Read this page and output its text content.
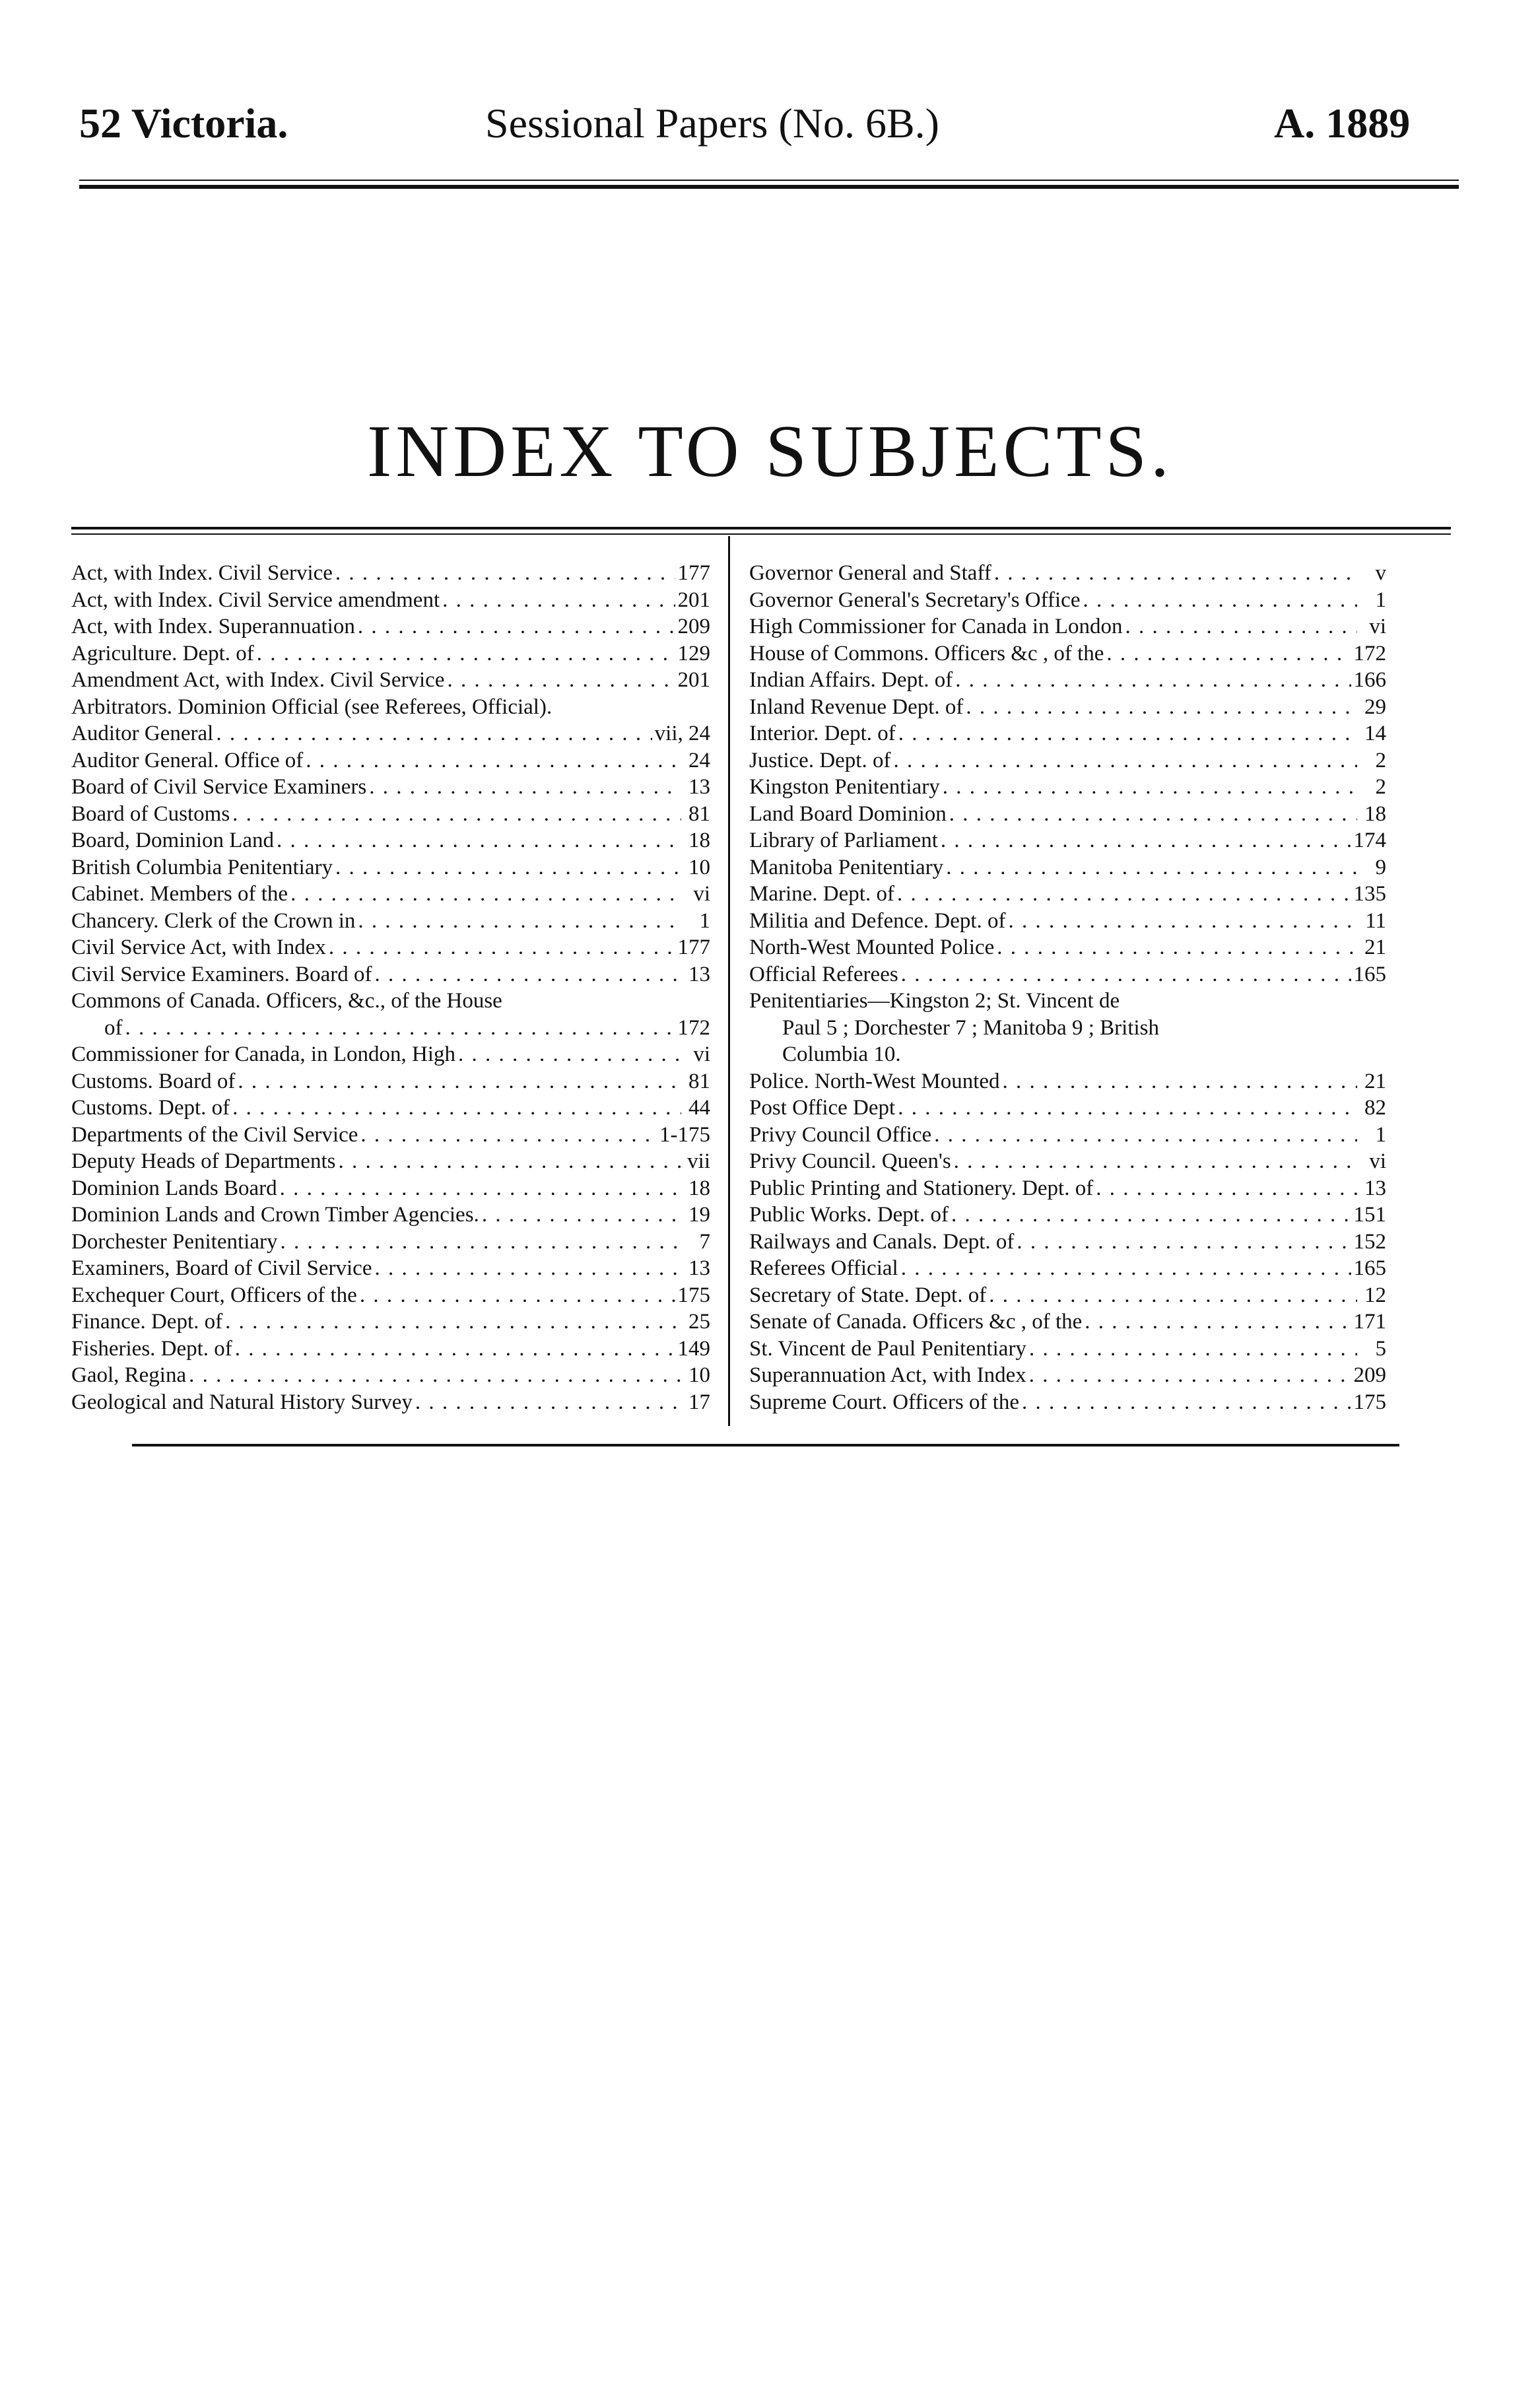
52 Victoria.	Sessional Papers (No. 6B.)	A. 1889
INDEX TO SUBJECTS.
Act, with Index. Civil Service . . .	177
Act, with Index. Civil Service amendment . . .	201
Act, with Index. Superannuation . . .	209
Agriculture. Dept. of . . .	129
Amendment Act, with Index. Civil Service . . .	201
Arbitrators. Dominion Official (see Referees, Official).
Auditor General . . .	vii, 24
Auditor General. Office of . . .	24
Board of Civil Service Examiners . . .	13
Board of Customs . . .	81
Board, Dominion Land . . .	18
British Columbia Penitentiary . . .	10
Cabinet. Members of the . . .	vi
Chancery. Clerk of the Crown in . . .	1
Civil Service Act, with Index . . .	177
Civil Service Examiners. Board of . . .	13
Commons of Canada. Officers, &c., of the House
of . . .	172
Commissioner for Canada, in London, High . . .	vi
Customs. Board of . . .	81
Customs. Dept. of . . .	44
Departments of the Civil Service . . .	1-175
Deputy Heads of Departments . . .	vii
Dominion Lands Board . . .	18
Dominion Lands and Crown Timber Agencies. . . .	19
Dorchester Penitentiary . . .	7
Examiners, Board of Civil Service . . .	13
Exchequer Court, Officers of the . . .	175
Finance. Dept. of . . .	25
Fisheries. Dept. of . . .	149
Gaol, Regina . . .	10
Geological and Natural History Survey . . .	17
Governor General and Staff . . .	v
Governor General's Secretary's Office . . .	1
High Commissioner for Canada in London . . .	vi
House of Commons. Officers &c , of the . . .	172
Indian Affairs. Dept. of . . .	166
Inland Revenue Dept. of . . .	29
Interior. Dept. of . . .	14
Justice. Dept. of . . .	2
Kingston Penitentiary . . .	2
Land Board Dominion . . .	18
Library of Parliament . . .	174
Manitoba Penitentiary . . .	9
Marine. Dept. of . . .	135
Militia and Defence. Dept. of . . .	11
North-West Mounted Police . . .	21
Official Referees . . .	165
Penitentiaries—Kingston 2; St. Vincent de
Paul 5 ; Dorchester 7 ; Manitoba 9 ; British
Columbia 10.
Police. North-West Mounted . . .	21
Post Office Dept . . .	82
Privy Council Office . . .	1
Privy Council. Queen's . . .	vi
Public Printing and Stationery. Dept. of . . .	13
Public Works. Dept. of . . .	151
Railways and Canals. Dept. of . . .	152
Referees Official . . .	165
Secretary of State. Dept. of . . .	12
Senate of Canada. Officers &c , of the . . .	171
St. Vincent de Paul Penitentiary . . .	5
Superannuation Act, with Index . . .	209
Supreme Court. Officers of the . . .	175
